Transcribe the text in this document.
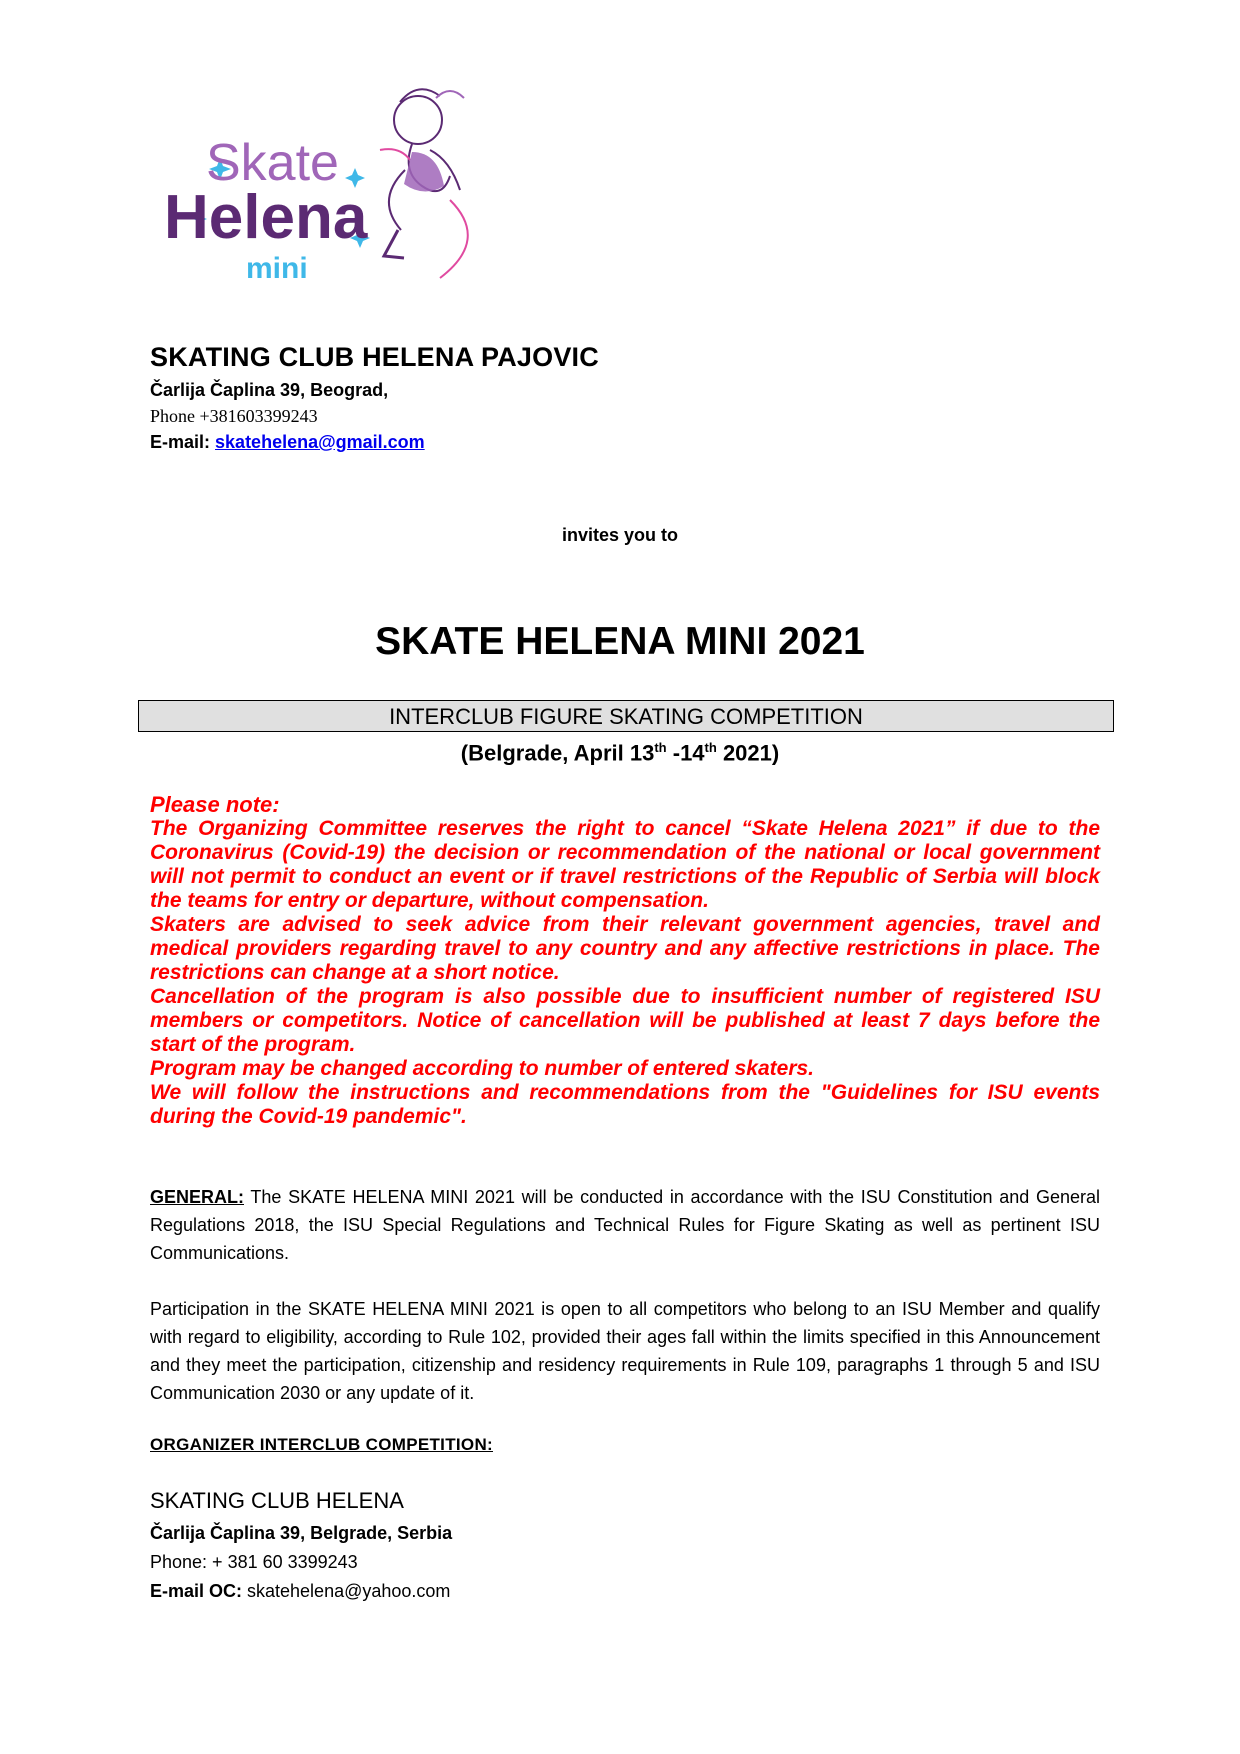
Skate
Helena
mini
SKATING CLUB HELENA PAJOVIC
Čarlija Čaplina 39, Beograd,
Phone +381603399243
E-mail: skatehelena@gmail.com
invites you to
SKATE HELENA MINI 2021
INTERCLUB FIGURE SKATING COMPETITION
(Belgrade, April 13th -14th 2021)

Please note:

The Organizing Committee reserves the right to cancel “Skate Helena 2021” if due to the Coronavirus (Covid-19) the decision or recommendation of the national or local government will not permit to conduct an event or if travel restrictions of the Republic of Serbia will block the teams for entry or departure, without compensation.

Skaters are advised to seek advice from their relevant government agencies, travel and medical providers regarding travel to any country and any affective restrictions in place. The restrictions can change at a short notice.

Cancellation of the program is also possible due to insufficient number of registered ISU members or competitors. Notice of cancellation will be published at least 7 days before the start of the program.

Program may be changed according to number of entered skaters.

We will follow the instructions and recommendations from the "Guidelines for ISU events during the Covid-19 pandemic".

GENERAL: The SKATE HELENA MINI 2021 will be conducted in accordance with the ISU Constitution and General Regulations 2018, the ISU Special Regulations and Technical Rules for Figure Skating as well as pertinent ISU Communications.
Participation in the SKATE HELENA MINI 2021 is open to all competitors who belong to an ISU Member and qualify with regard to eligibility, according to Rule 102, provided their ages fall within the limits specified in this Announcement and they meet the participation, citizenship and residency requirements in Rule 109, paragraphs 1 through 5 and ISU Communication 2030 or any update of it.
ORGANIZER INTERCLUB COMPETITION:
SKATING CLUB HELENA
Čarlija Čaplina 39, Belgrade, Serbia
Phone: + 381 60 3399243
E-mail OC: skatehelena@yahoo.com
